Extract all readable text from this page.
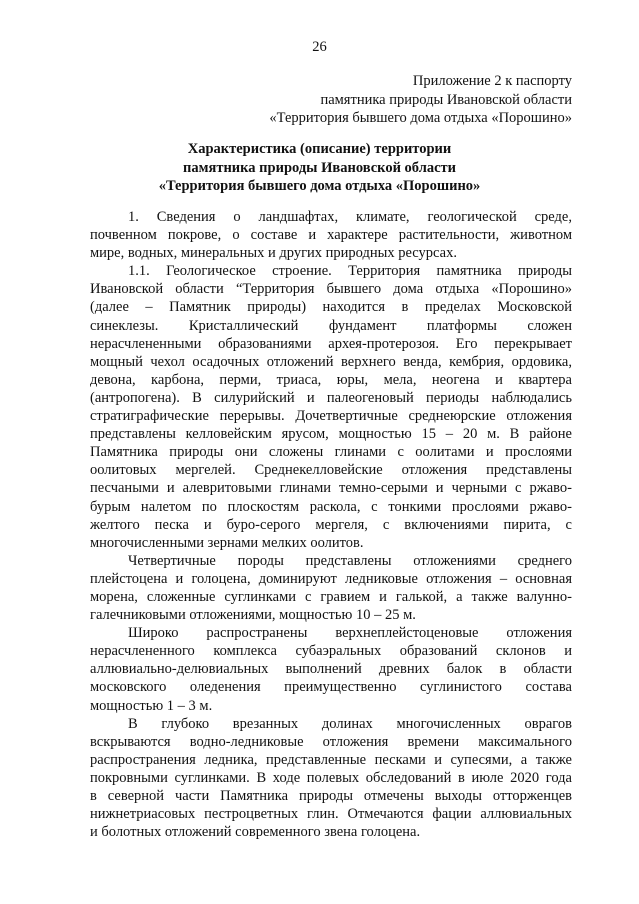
26
Приложение 2 к паспорту
памятника природы Ивановской области
«Территория бывшего дома отдыха «Порошино»
Характеристика (описание) территории
памятника природы Ивановской области
«Территория бывшего дома отдыха «Порошино»

1. Сведения о ландшафтах, климате, геологической среде,
почвенном покрове, о составе и характере растительности, животном
мире, водных, минеральных и других природных ресурсах.

1.1. Геологическое строение. Территория памятника природы
Ивановской области “Территория бывшего дома отдыха «Порошино»
(далее – Памятник природы) находится в пределах Московской
синеклезы. Кристаллический фундамент платформы сложен
нерасчлененными образованиями архея-протерозоя. Его перекрывает
мощный чехол осадочных отложений верхнего венда, кембрия, ордовика,
девона, карбона, перми, триаса, юры, мела, неогена и квартера
(антропогена). В силурийский и палеогеновый периоды наблюдались
стратиграфические перерывы. Дочетвертичные среднеюрские отложения
представлены келловейским ярусом, мощностью 15 – 20 м. В районе
Памятника природы они сложены глинами с оолитами и прослоями
оолитовых мергелей. Среднекелловейские отложения представлены
песчаными и алевритовыми глинами темно-серыми и черными с ржаво-
бурым налетом по плоскостям раскола, с тонкими прослоями ржаво-
желтого песка и буро-серого мергеля, с включениями пирита, с
многочисленными зернами мелких оолитов.

Четвертичные породы представлены отложениями среднего
плейстоцена и голоцена, доминируют ледниковые отложения – основная
морена, сложенные суглинками с гравием и галькой, а также валунно-
галечниковыми отложениями, мощностью 10 – 25 м.

Широко распространены верхнеплейстоценовые отложения
нерасчлененного комплекса субаэральных образований склонов и
аллювиально-делювиальных выполнений древних балок в области
московского оледенения преимущественно суглинистого состава
мощностью 1 – 3 м.

В глубоко врезанных долинах многочисленных оврагов
вскрываются водно-ледниковые отложения времени максимального
распространения ледника, представленные песками и супесями, а также
покровными суглинками. В ходе полевых обследований в июле 2020 года
в северной части Памятника природы отмечены выходы отторженцев
нижнетриасовых пестроцветных глин. Отмечаются фации аллювиальных
и болотных отложений современного звена голоцена.
